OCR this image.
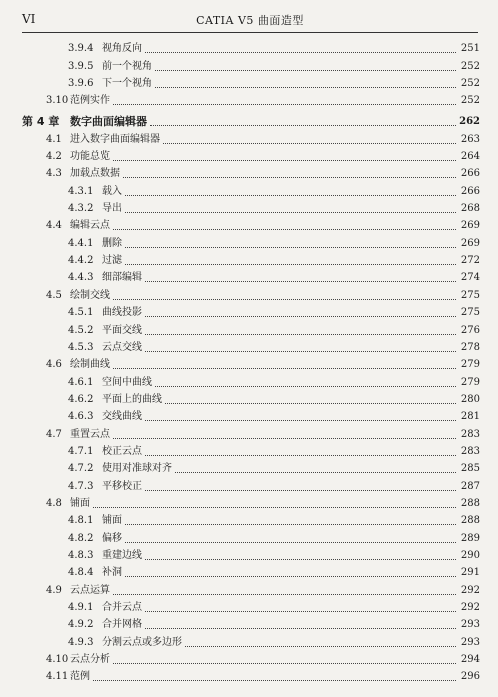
VI	CATIA V5 曲面造型
3.9.4 视角反向	251
3.9.5 前一个视角	252
3.9.6 下一个视角	252
3.10 范例实作	252
第 4 章 数字曲面编辑器	262
4.1 进入数字曲面编辑器	263
4.2 功能总览	264
4.3 加载点数据	266
4.3.1 载入	266
4.3.2 导出	268
4.4 编辑云点	269
4.4.1 删除	269
4.4.2 过滤	272
4.4.3 细部编辑	274
4.5 绘制交线	275
4.5.1 曲线投影	275
4.5.2 平面交线	276
4.5.3 云点交线	278
4.6 绘制曲线	279
4.6.1 空间中曲线	279
4.6.2 平面上的曲线	280
4.6.3 交线曲线	281
4.7 重置云点	283
4.7.1 校正云点	283
4.7.2 使用对准球对齐	285
4.7.3 平移校正	287
4.8 铺面	288
4.8.1 铺面	288
4.8.2 偏移	289
4.8.3 重建边线	290
4.8.4 补洞	291
4.9 云点运算	292
4.9.1 合并云点	292
4.9.2 合并网格	293
4.9.3 分割云点或多边形	293
4.10 云点分析	294
4.11 范例	296
